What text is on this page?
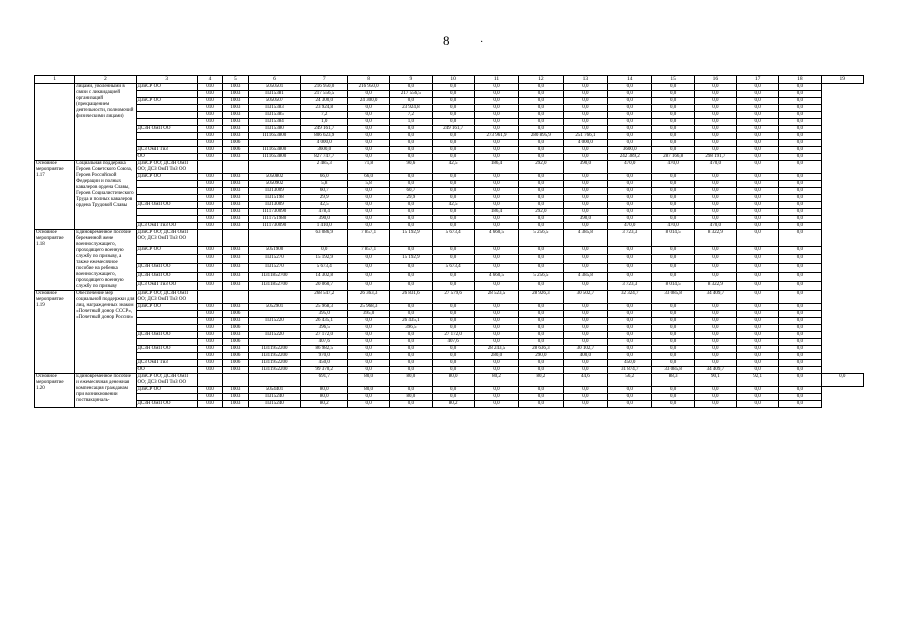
8	·
1	2	3	4	5	6	7	8	9	10	11	12	13	14	15	16	17	18	19
	лицами, уволенными в связи с ликвидацией организаций (прекращением деятельности, полномочий физическими лицами)	ДЗиСР ОО	010	1003	5050501	216 950,0	216 950,0	0,0	0,0	0,0	0,0	0,0	0,0	0,0	0,0	0,0	0,0	
			010	1003	П315381	217 556,5	0,0	217 556,5	0,0	0,0	0,0	0,0	0,0	0,0	0,0	0,0	0,0	
		ДЗиСР ОО	010	1003	5050507	24 300,0	24 300,0	0,0	0,0	0,0	0,0	0,0	0,0	0,0	0,0	0,0	0,0	
			010	1003	П315383	23 924,8	0,0	23 924,8	0,0	0,0	0,0	0,0	0,0	0,0	0,0	0,0	0,0	
			010	1003	П315385	7,2	0,0	7,2	0,0	0,0	0,0	0,0	0,0	0,0	0,0	0,0	0,0	
			010	1003	П315384	1,0	0,0	1,0	0,0	0,0	0,0	0,0	0,0	0,0	0,0	0,0	0,0	
		ДСЗН ОмП ОО	010	1003	П315380	249 161,7	0,0	0,0	249 161,7	0,0	0,0	0,0	0,0	0,0	0,0	0,0	0,0	
			010	1003	П11653800	806 623,9	0,0	0,0	0,0	273 961,9	280 895,9	251 766,1	0,0	0,0	0,0	0,0	0,0	
			010	1006		4 000,0	0,0	0,0	0,0	0,0	0,0	4 000,0	0,0	0,0	0,0	0,0	0,0	
		ДСЗ ОмП ТиЗ	010	1006	П11653800	3600,0	0,0	0,0	0,0	0,0	0,0	0,0	3600,0	0,0	0,0	0,0	0,0	
		ОО	010	1003	П11653800	827 747,7	0,0	0,0	0,0	0,0	0,0	0,0	242 389,2	287 166,8	298 191,7	0,0	0,0	
Основное мероприятие 1.17	Социальная поддержка Героев Советского Союза, Героев Российской Федерации и полных кавалеров ордена Славы, Героев Социалистического Труда и полных кавалеров ордена Трудовой Славы	ДЗиСР ОО; ДСЗН ОмП ОО; ДСЗ ОмП ТиЗ ОО				2 485,3	71,8	90,6	42,5	186,4	292,0	390,0	470,0	470,0	470,0	0,0	0,0	
		ДЗиСР ОО	010	1003	5050802	66,0	66,0	0,0	0,0	0,0	0,0	0,0	0,0	0,0	0,0	0,0	0,0	
			010	1003	5050902	5,8	5,8	0,0	0,0	0,0	0,0	0,0	0,0	0,0	0,0	0,0	0,0	
			010	1003	П313009	60,7	0,0	60,7	0,0	0,0	0,0	0,0	0,0	0,0	0,0	0,0	0,0	
			010	1003	П315198	29,9	0,0	29,9	0,0	0,0	0,0	0,0	0,0	0,0	0,0	0,0	0,0	
		ДСЗН ОмП ОО	010	1003	П313009	42,5	0,0	0,0	42,5	0,0	0,0	0,0	0,0	0,0	0,0	0,0	0,0	
			010	1003	П11730090	478,4	0,0	0,0	0,0	186,4	292,0	0,0	0,0	0,0	0,0	0,0	0,0	
			010	1003	П11751980	390,0	0,0	0,0	0,0	0,0	0,0	390,0	0,0	0,0	0,0	0,0	0,0	
		ДСЗ ОмП ТиЗ ОО	010	1003	П11730090	1 410,0	0,0	0,0	0,0	0,0	0,0	0,0	470,0	470,0	470,0	0,0	0,0	
Основное мероприятие 1.18	Единовременное пособие беременной жене военнослужащего, проходящего военную службу по призыву, а также ежемесячное пособие на ребенка военнослужащего, проходящего военную службу по призыву	ДЗиСР ОО; ДСЗН ОмП ОО; ДСЗ ОмП ТиЗ ОО				63 086,9	7 857,1	15 192,9	5 673,4	4 660,5	5 256,5	4 385,8	3 723,3	8 014,5	8 322,9	0,0	0,0	
		ДЗиСР ОО	010	1003	5051900	0,0	7 857,1	0,0	0,0	0,0	0,0	0,0	0,0	0,0	0,0	0,0	0,0	
			010	1003	П315270	15 192,9	0,0	15 192,9	0,0	0,0	0,0	0,0	0,0	0,0	0,0	0,0	0,0	
		ДСЗН ОмП ОО	010	1003	П315270	5 673,4	0,0	0,0	5 673,4	0,0	0,0	0,0	0,0	0,0	0,0	0,0	0,0	
		ДСЗН ОмП ОО	010	1003	П311852700	14 302,8	0,0	0,0	0,0	4 660,5	5 256,5	4 385,8	0,0	0,0	0,0	0,0	0,0	
		ДСЗ ОмП ТиЗ ОО	010	1003	П311852700	20 060,7	0,0	0,0	0,0	0,0	0,0	0,0	3 723,3	8 014,5	8 322,9	0,0	0,0	
Основное мероприятие 1.19	Обеспечение мер социальной поддержки для лиц, награжденных знаком «Почетный донор СССР», «Почетный донор России»	ДЗиСР ОО; ДСЗН ОмП ОО; ДСЗ ОмП ТиЗ ОО				268 547,2	26 363,3	26 831,6	27 579,6	28 523,5	28 926,3	30 502,7	32 324,7	33 085,8	34 409,7	0,0	0,0	
		ДЗиСР ОО	010	1003	5052901	25 968,3	25 968,3	0,0	0,0	0,0	0,0	0,0	0,0	0,0	0,0	0,0	0,0	
			010	1006		395,0	395,0	0,0	0,0	0,0	0,0	0,0	0,0	0,0	0,0	0,0	0,0	
			010	1003	П315220	26 435,1	0,0	26 435,1	0,0	0,0	0,0	0,0	0,0	0,0	0,0	0,0	0,0	
			010	1006		396,5	0,0	396,5	0,0	0,0	0,0	0,0	0,0	0,0	0,0	0,0	0,0	
		ДСЗН ОмП ОО	010	1003	П315220	27 172,0	0,0	0,0	27 172,0	0,0	0,0	0,0	0,0	0,0	0,0	0,0	0,0	
			010	1006		407,6	0,0	0,0	407,6	0,0	0,0	0,0	0,0	0,0	0,0	0,0	0,0	
		ДСЗН ОмП ОО	010	1003	П311952200	86 982,5	0,0	0,0	0,0	28 243,5	28 636,3	30 102,7	0,0	0,0	0,0	0,0	0,0	
			010	1006	П311952200	970,0	0,0	0,0	0,0	280,0	290,0	400,0	0,0	0,0	0,0	0,0	0,0	
		ДСЗ ОмП ТиЗ	010	1006	П311952200	450,0	0,0	0,0	0,0	0,0	0,0	0,0	450,0	0,0	0,0	0,0	0,0	
		ОО	010	1003	П311952200	99 370,2	0,0	0,0	0,0	0,0	0,0	0,0	31 874,7	33 085,8	34 409,7	0,0	0,0	
Основное мероприятие 1.20	Единовременное пособие и ежемесячная денежная компенсация гражданам при возникновении поствакциналь-	ДЗиСР ОО; ДСЗН ОмП ОО; ДСЗ ОмП ТиЗ ОО				691,7	80,0	80,0	80,0	80,2	80,2	44,6	56,2	88,3	90,1	92,1	0,0	0,0
		ДЗиСР ОО	010	1003	5054401	80,0	80,0	0,0	0,0	0,0	0,0	0,0	0,0	0,0	0,0	0,0	0,0	
			010	1003	П315240	80,0	0,0	80,0	0,0	0,0	0,0	0,0	0,0	0,0	0,0	0,0	0,0	
		ДСЗН ОмП ОО	010	1003	П315240	80,2	0,0	0,0	80,2	0,0	0,0	0,0	0,0	0,0	0,0	0,0	0,0	
